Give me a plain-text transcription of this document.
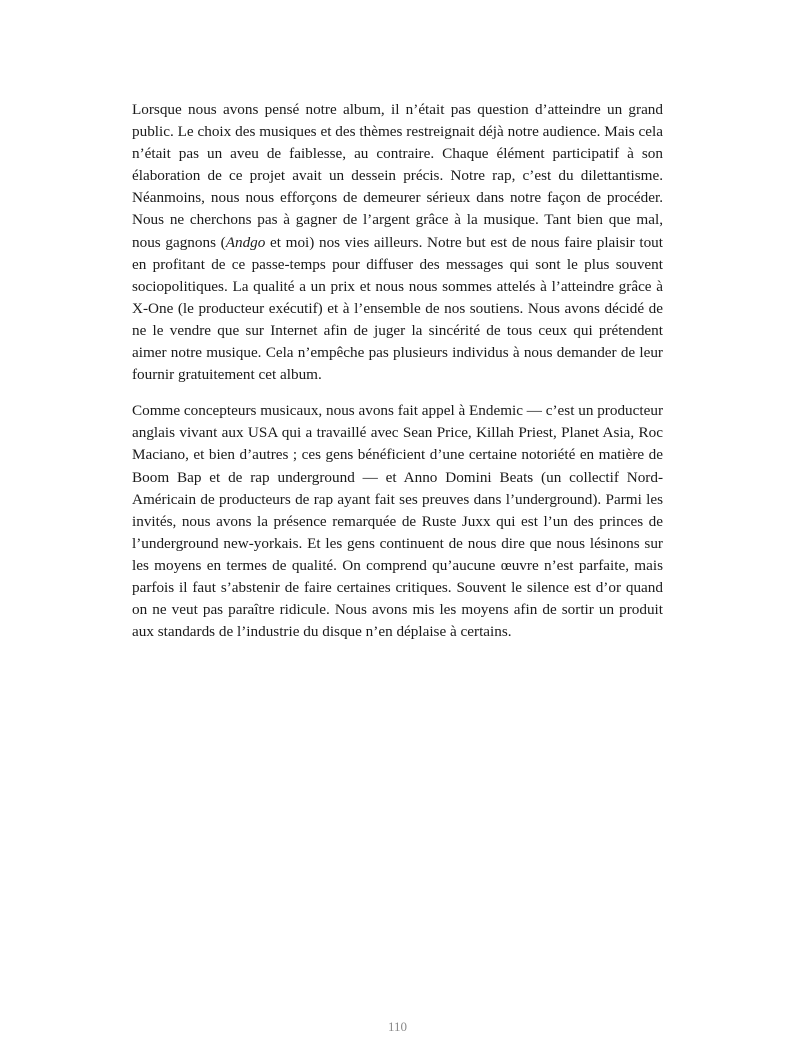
Lorsque nous avons pensé notre album, il n’était pas question d’atteindre un grand public. Le choix des musiques et des thèmes restreignait déjà notre audience. Mais cela n’était pas un aveu de faiblesse, au contraire. Chaque élément participatif à son élaboration de ce projet avait un dessein précis. Notre rap, c’est du dilettantisme. Néanmoins, nous nous efforçons de demeurer sérieux dans notre façon de procéder. Nous ne cherchons pas à gagner de l’argent grâce à la musique. Tant bien que mal, nous gagnons (Andgo et moi) nos vies ailleurs. Notre but est de nous faire plaisir tout en profitant de ce passe-temps pour diffuser des messages qui sont le plus souvent sociopolitiques. La qualité a un prix et nous nous sommes attelés à l’atteindre grâce à X-One (le producteur exécutif) et à l’ensemble de nos soutiens. Nous avons décidé de ne le vendre que sur Internet afin de juger la sincérité de tous ceux qui prétendent aimer notre musique. Cela n’empêche pas plusieurs individus à nous demander de leur fournir gratuitement cet album.

Comme concepteurs musicaux, nous avons fait appel à Endemic — c’est un producteur anglais vivant aux USA qui a travaillé avec Sean Price, Killah Priest, Planet Asia, Roc Maciano, et bien d’autres ; ces gens bénéficient d’une certaine notoriété en matière de Boom Bap et de rap underground — et Anno Domini Beats (un collectif Nord-Américain de producteurs de rap ayant fait ses preuves dans l’underground). Parmi les invités, nous avons la présence remarquée de Ruste Juxx qui est l’un des princes de l’underground new-yorkais. Et les gens continuent de nous dire que nous lésinons sur les moyens en termes de qualité. On comprend qu’aucune œuvre n’est parfaite, mais parfois il faut s’abstenir de faire certaines critiques. Souvent le silence est d’or quand on ne veut pas paraître ridicule. Nous avons mis les moyens afin de sortir un produit aux standards de l’industrie du disque n’en déplaise à certains.

110
